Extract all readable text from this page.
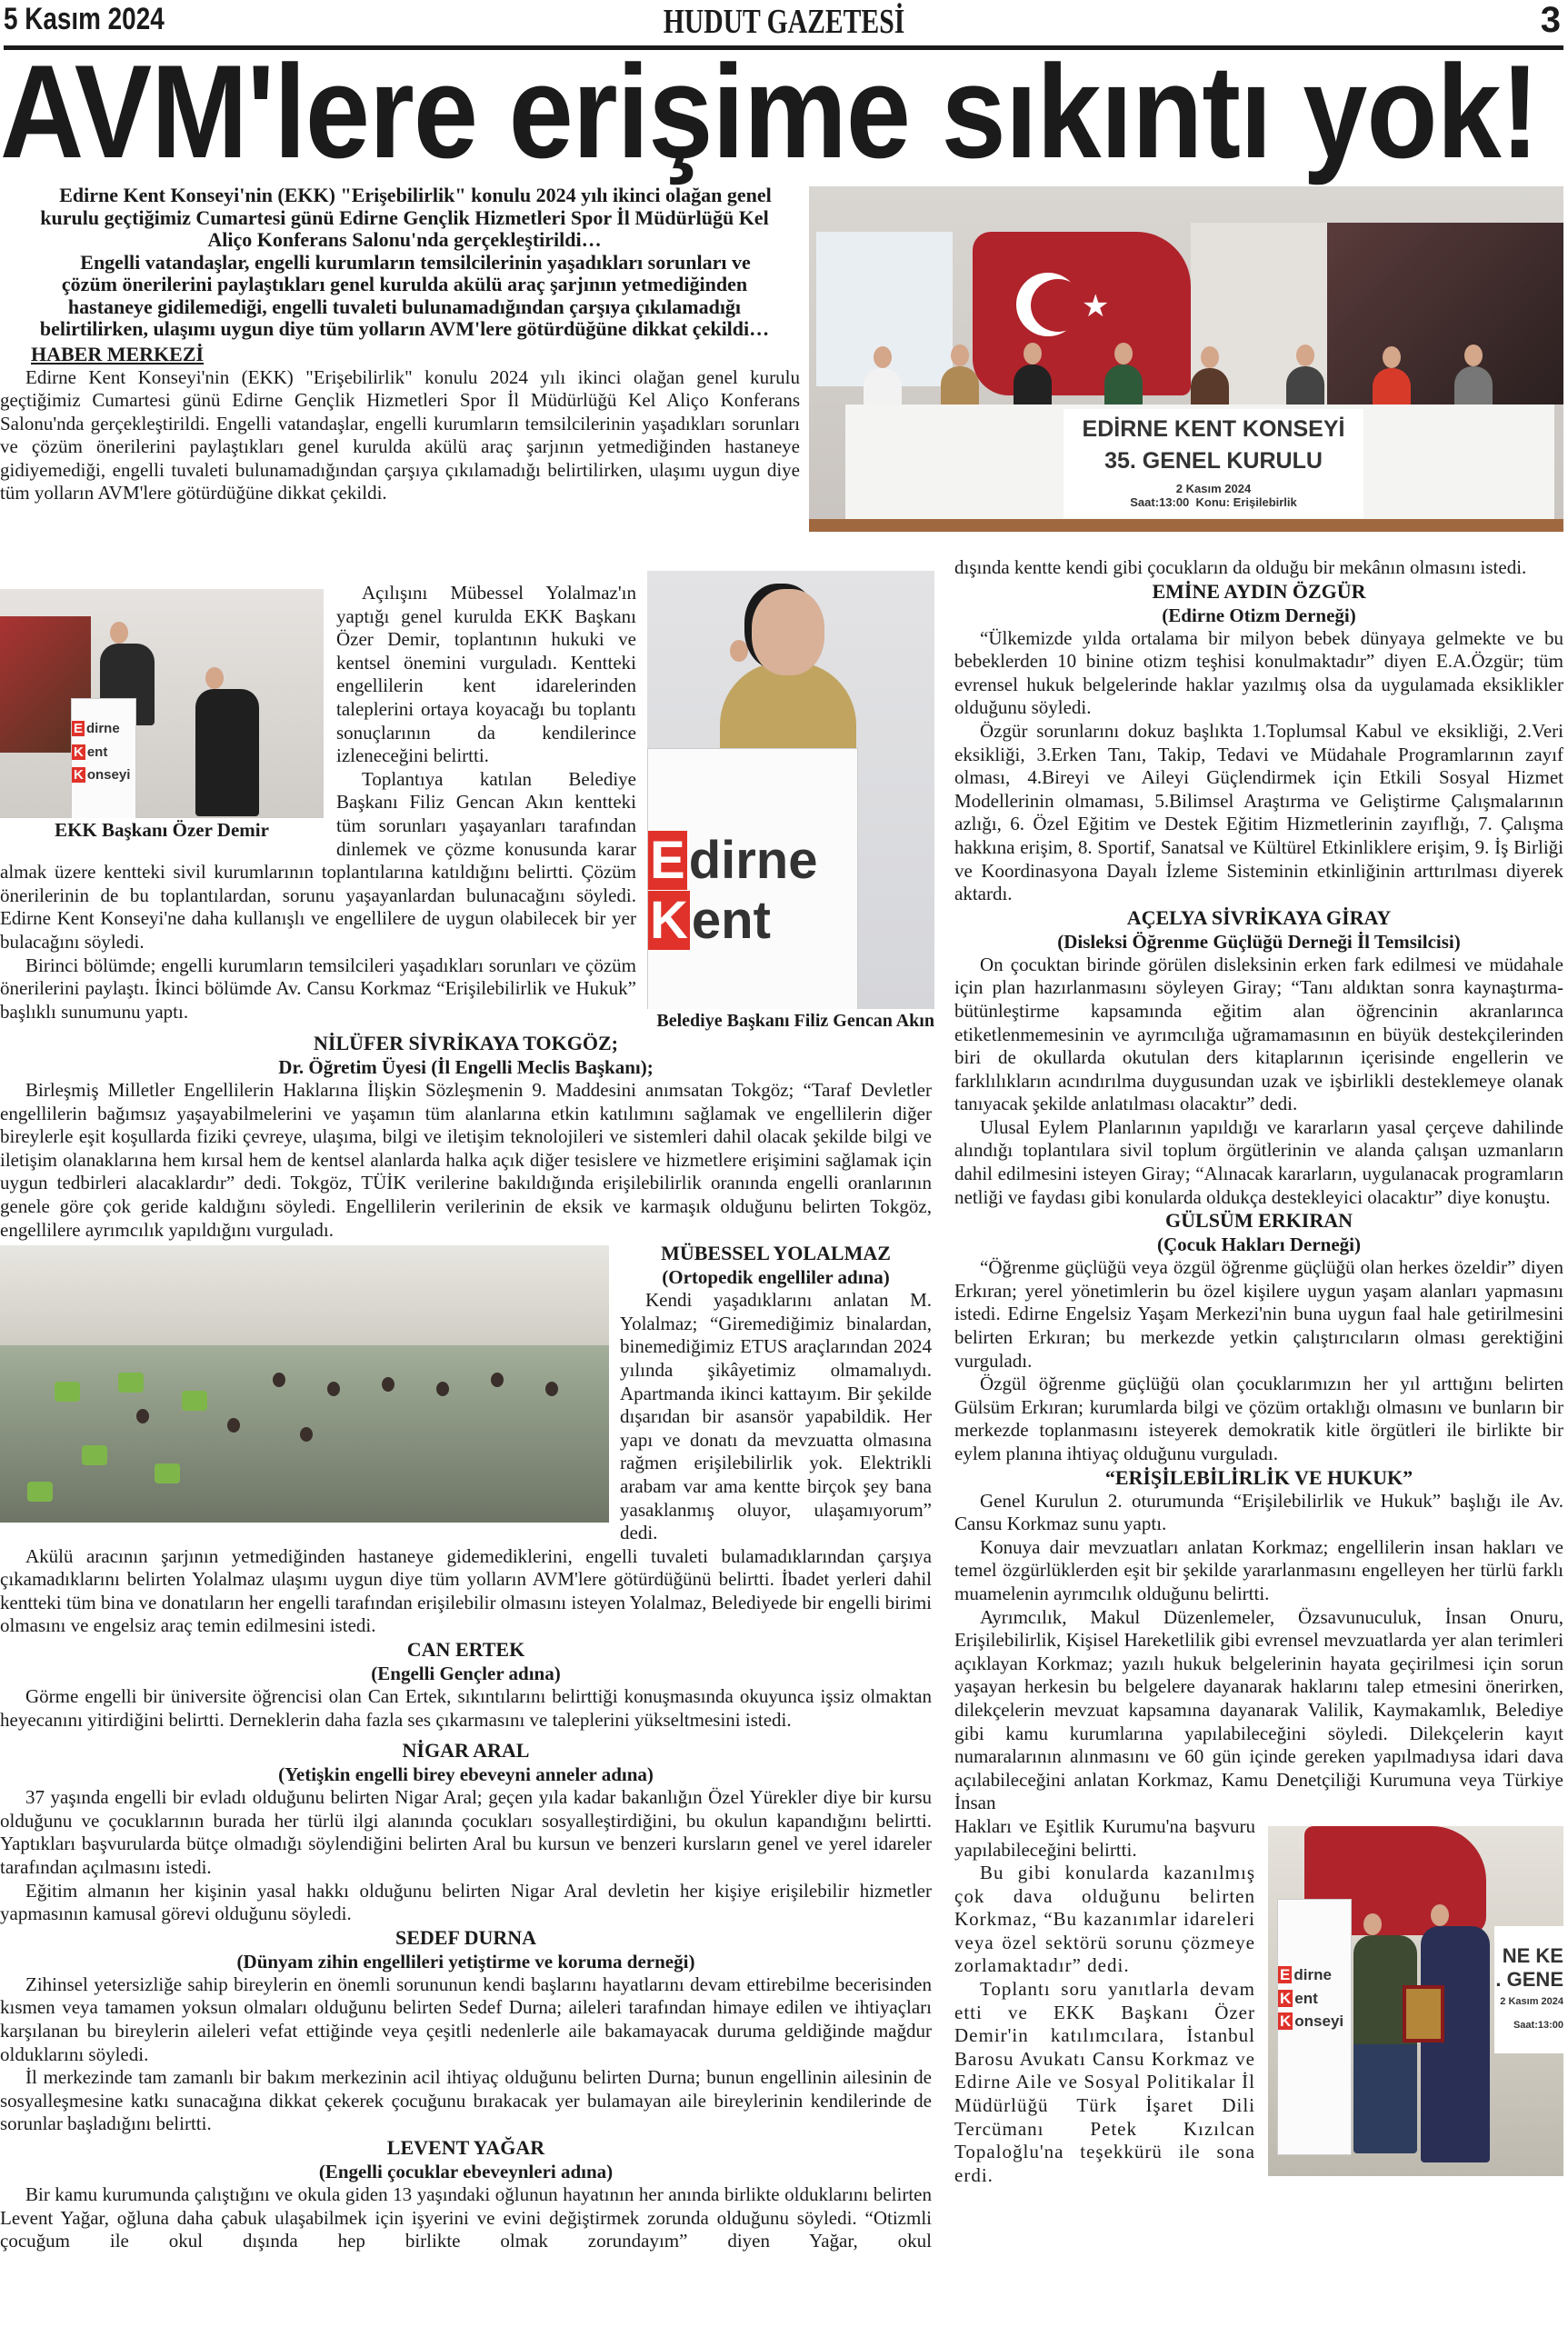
5 Kasım 2024	HUDUT GAZETESİ	3
AVM'lere erişime sıkıntı yok!

Edirne Kent Konseyi'nin (EKK) "Erişebilirlik" konulu 2024 yılı ikinci olağan genel kurulu geçtiğimiz Cumartesi günü Edirne Gençlik Hizmetleri Spor İl Müdürlüğü Kel Aliço Konferans Salonu'nda gerçekleştirildi…

Engelli vatandaşlar, engelli kurumların temsilcilerinin yaşadıkları sorunları ve çözüm önerilerini paylaştıkları genel kurulda akülü araç şarjının yetmediğinden hastaneye gidilemediği, engelli tuvaleti bulunamadığından çarşıya çıkılamadığı belirtilirken, ulaşımı uygun diye tüm yolların AVM'lere götürdüğüne dikkat çekildi…

HABER MERKEZİ

Edirne Kent Konseyi'nin (EKK) "Erişebilirlik" konulu 2024 yılı ikinci olağan genel kurulu geçtiğimiz Cumartesi günü Edirne Gençlik Hizmetleri Spor İl Müdürlüğü Kel Aliço Konferans Salonu'nda gerçekleştirildi. Engelli vatandaşlar, engelli kurumların temsilcilerinin yaşadıkları sorunları ve çözüm önerilerini paylaştıkları genel kurulda akülü araç şarjının yetmediğinden hastaneye gidiyemediği, engelli tuvaleti bulunamadığından çarşıya çıkılamadığı belirtilirken, ulaşımı uygun diye tüm yolların AVM'lere götürdüğüne dikkat çekildi.

★
EDİRNE KENT KONSEYİ
35. GENEL KURULU
2 Kasım 2024
Saat:13:00 Konu: Erişilebirlik
E dirne
K ent
K onseyi
EKK Başkanı Özer Demir

Açılışını Mübessel Yolalmaz'ın yaptığı genel kurulda EKK Başkanı Özer Demir, toplantının hukuki ve kentsel önemini vurguladı. Kentteki engellilerin kent idarelerinden taleplerini ortaya koyacağı bu toplantı sonuçlarının da kendilerince izleneceğini belirtti.

Toplantıya katılan Belediye Başkanı Filiz Gencan Akın kentteki tüm sorunları yaşayanları tarafından dinlemek ve çözme konusunda karar almak üzere kentteki sivil kurumlarının toplantılarına katıldığını belirtti. Çözüm önerilerinin de bu toplantılardan, sorunu yaşayanlardan bulunacağını söyledi. Edirne Kent Konseyi'ne daha kullanışlı ve engellilere de uygun olabilecek bir yer bulacağını söyledi.

Birinci bölümde; engelli kurumların temsilcileri yaşadıkları sorunları ve çözüm önerilerini paylaştı. İkinci bölümde Av. Cansu Korkmaz “Erişilebilirlik ve Hukuk” başlıklı sunumunu yaptı.

Edirne
Kent
Belediye Başkanı Filiz Gencan Akın
NİLÜFER SİVRİKAYA TOKGÖZ;
Dr. Öğretim Üyesi (İl Engelli Meclis Başkanı);

Birleşmiş Milletler Engellilerin Haklarına İlişkin Sözleşmenin 9. Maddesini anımsatan Tokgöz; “Taraf Devletler engellilerin bağımsız yaşayabilmelerini ve yaşamın tüm alanlarına etkin katılımını sağlamak ve engellilerin diğer bireylerle eşit koşullarda fiziki çevreye, ulaşıma, bilgi ve iletişim teknolojileri ve sistemleri dahil olacak şekilde bilgi ve iletişim olanaklarına hem kırsal hem de kentsel alanlarda halka açık diğer tesislere ve hizmetlere erişimini sağlamak için uygun tedbirleri alacaklardır” dedi. Tokgöz, TÜİK verilerine bakıldığında erişilebilirlik oranında engelli oranlarının genele göre çok geride kaldığını söyledi. Engellilerin verilerinin de eksik ve karmaşık olduğunu belirten Tokgöz, engellilere ayrımcılık yapıldığını vurguladı.

MÜBESSEL YOLALMAZ
(Ortopedik engelliler adına)

Kendi yaşadıklarını anlatan M. Yolalmaz; “Giremediğimiz binalardan, binemediğimiz ETUS araçlarından 2024 yılında şikâyetimiz olmamalıydı. Apartmanda ikinci kattayım. Bir şekilde dışarıdan bir asansör yapabildik. Her yapı ve donatı da mevzuatta olmasına rağmen erişilebilirlik yok. Elektrikli arabam var ama kentte birçok şey bana yasaklanmış oluyor, ulaşamıyorum” dedi.

Akülü aracının şarjının yetmediğinden hastaneye gidemediklerini, engelli tuvaleti bulamadıklarından çarşıya çıkamadıklarını belirten Yolalmaz ulaşımı uygun diye tüm yolların AVM'lere götürdüğünü belirtti. İbadet yerleri dahil kentteki tüm bina ve donatıların her engelli tarafından erişilebilir olmasını isteyen Yolalmaz, Belediyede bir engelli birimi olmasını ve engelsiz araç temin edilmesini istedi.

CAN ERTEK
(Engelli Gençler adına)

Görme engelli bir üniversite öğrencisi olan Can Ertek, sıkıntılarını belirttiği konuşmasında okuyunca işsiz olmaktan heyecanını yitirdiğini belirtti. Derneklerin daha fazla ses çıkarmasını ve taleplerini yükseltmesini istedi.

NİGAR ARAL
(Yetişkin engelli birey ebeveyni anneler adına)

37 yaşında engelli bir evladı olduğunu belirten Nigar Aral; geçen yıla kadar bakanlığın Özel Yürekler diye bir kursu olduğunu ve çocuklarının burada her türlü ilgi alanında çocukları sosyalleştirdiğini, bu okulun kapandığını belirtti. Yaptıkları başvurularda bütçe olmadığı söylendiğini belirten Aral bu kursun ve benzeri kursların genel ve yerel idareler tarafından açılmasını istedi.

Eğitim almanın her kişinin yasal hakkı olduğunu belirten Nigar Aral devletin her kişiye erişilebilir hizmetler yapmasının kamusal görevi olduğunu söyledi.

SEDEF DURNA
(Dünyam zihin engellileri yetiştirme ve koruma derneği)

Zihinsel yetersizliğe sahip bireylerin en önemli sorununun kendi başlarını hayatlarını devam ettirebilme becerisinden kısmen veya tamamen yoksun olmaları olduğunu belirten Sedef Durna; aileleri tarafından himaye edilen ve ihtiyaçları karşılanan bu bireylerin aileleri vefat ettiğinde veya çeşitli nedenlerle aile bakamayacak duruma geldiğinde mağdur olduklarını söyledi.

İl merkezinde tam zamanlı bir bakım merkezinin acil ihtiyaç olduğunu belirten Durna; bunun engellinin ailesinin de sosyalleşmesine katkı sunacağına dikkat çekerek çocuğunu bırakacak yer bulamayan aile bireylerinin kendilerinde de sorunlar başladığını belirtti.

LEVENT YAĞAR
(Engelli çocuklar ebeveynleri adına)

Bir kamu kurumunda çalıştığını ve okula giden 13 yaşındaki oğlunun hayatının her anında birlikte olduklarını belirten Levent Yağar, oğluna daha çabuk ulaşabilmek için işyerini ve evini değiştirmek zorunda olduğunu söyledi. “Otizmli çocuğum ile okul dışında hep birlikte olmak zorundayım” diyen Yağar, okul

dışında kentte kendi gibi çocukların da olduğu bir mekânın olmasını istedi.

EMİNE AYDIN ÖZGÜR
(Edirne Otizm Derneği)

“Ülkemizde yılda ortalama bir milyon bebek dünyaya gelmekte ve bu bebeklerden 10 binine otizm teşhisi konulmaktadır” diyen E.A.Özgür; tüm evrensel hukuk belgelerinde haklar yazılmış olsa da uygulamada eksiklikler olduğunu söyledi.

Özgür sorunlarını dokuz başlıkta 1.Toplumsal Kabul ve eksikliği, 2.Veri eksikliği, 3.Erken Tanı, Takip, Tedavi ve Müdahale Programlarının zayıf olması, 4.Bireyi ve Aileyi Güçlendirmek için Etkili Sosyal Hizmet Modellerinin olmaması, 5.Bilimsel Araştırma ve Geliştirme Çalışmalarının azlığı, 6. Özel Eğitim ve Destek Eğitim Hizmetlerinin zayıflığı, 7. Çalışma hakkına erişim, 8. Sportif, Sanatsal ve Kültürel Etkinliklere erişim, 9. İş Birliği ve Koordinasyona Dayalı İzleme Sisteminin etkinliğinin arttırılması diyerek aktardı.

AÇELYA SİVRİKAYA GİRAY
(Disleksi Öğrenme Güçlüğü Derneği İl Temsilcisi)

On çocuktan birinde görülen disleksinin erken fark edilmesi ve müdahale için plan hazırlanmasını söyleyen Giray; “Tanı aldıktan sonra kaynaştırma-bütünleştirme kapsamında eğitim alan öğrencinin akranlarınca etiketlenmemesinin ve ayrımcılığa uğramamasının en büyük destekçilerinden biri de okullarda okutulan ders kitaplarının içerisinde engellerin ve farklılıkların acındırılma duygusundan uzak ve işbirlikli desteklemeye olanak tanıyacak şekilde anlatılması olacaktır” dedi.

Ulusal Eylem Planlarının yapıldığı ve kararların yasal çerçeve dahilinde alındığı toplantılara sivil toplum örgütlerinin ve alanda çalışan uzmanların dahil edilmesini isteyen Giray; “Alınacak kararların, uygulanacak programların netliği ve faydası gibi konularda oldukça destekleyici olacaktır” diye konuştu.

GÜLSÜM ERKIRAN
(Çocuk Hakları Derneği)

“Öğrenme güçlüğü veya özgül öğrenme güçlüğü olan herkes özeldir” diyen Erkıran; yerel yönetimlerin bu özel kişilere uygun yaşam alanları yapmasını istedi. Edirne Engelsiz Yaşam Merkezi'nin buna uygun faal hale getirilmesini belirten Erkıran; bu merkezde yetkin çalıştırıcıların olması gerektiğini vurguladı.

Özgül öğrenme güçlüğü olan çocuklarımızın her yıl arttığını belirten Gülsüm Erkıran; kurumlarda bilgi ve çözüm ortaklığı olmasını ve bunların bir merkezde toplanmasını isteyerek demokratik kitle örgütleri ile birlikte bir eylem planına ihtiyaç olduğunu vurguladı.

“ERİŞİLEBİLİRLİK VE HUKUK”

Genel Kurulun 2. oturumunda “Erişilebilirlik ve Hukuk” başlığı ile Av. Cansu Korkmaz sunu yaptı.

Konuya dair mevzuatları anlatan Korkmaz; engellilerin insan hakları ve temel özgürlüklerden eşit bir şekilde yararlanmasını engelleyen her türlü farklı muamelenin ayrımcılık olduğunu belirtti.

Ayrımcılık, Makul Düzenlemeler, Özsavunuculuk, İnsan Onuru, Erişilebilirlik, Kişisel Hareketlilik gibi evrensel mevzuatlarda yer alan terimleri açıklayan Korkmaz; yazılı hukuk belgelerinin hayata geçirilmesi için sorun yaşayan herkesin bu belgelere dayanarak haklarını talep etmesini önerirken, dilekçelerin mevzuat kapsamına dayanarak Valilik, Kaymakamlık, Belediye gibi kamu kurumlarına yapılabileceğini söyledi. Dilekçelerin kayıt numaralarının alınmasını ve 60 gün içinde gereken yapılmadıysa idari dava açılabileceğini anlatan Korkmaz, Kamu Denetçiliği Kurumuna veya Türkiye İnsan

E dirne
K ent
K onseyi
NE KE
. GENE
2 Kasım 2024
Saat:13:00

Hakları ve Eşitlik Kurumu'na başvuru yapılabileceğini belirtti.

Bu gibi konularda kazanılmış çok dava olduğunu belirten Korkmaz, “Bu kazanımlar idareleri veya özel sektörü sorunu çözmeye zorlamaktadır” dedi.

Toplantı soru yanıtlarla devam etti ve EKK Başkanı Özer Demir'in katılımcılara, İstanbul Barosu Avukatı Cansu Korkmaz ve Edirne Aile ve Sosyal Politikalar İl Müdürlüğü Türk İşaret Dili Tercümanı Petek Kızılcan Topaloğlu'na teşekkürü ile sona erdi.
